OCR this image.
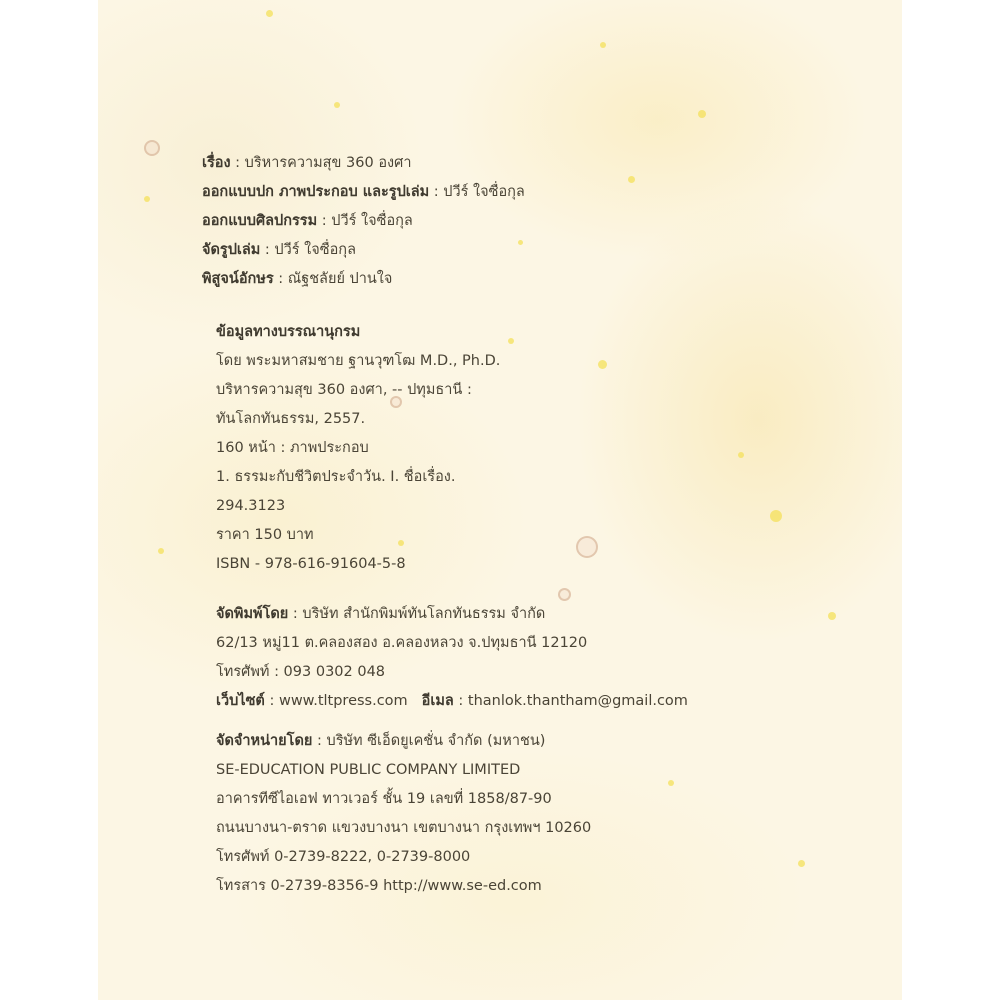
เรื่อง : บริหารความสุข 360 องศา
ออกแบบปก ภาพประกอบ และรูปเล่ม : ปวีร์ ใจซื่อกุล
ออกแบบศิลปกรรม : ปวีร์ ใจซื่อกุล
จัดรูปเล่ม : ปวีร์ ใจซื่อกุล
พิสูจน์อักษร : ณัฐชลัยย์ ปานใจ
ข้อมูลทางบรรณานุกรม
โดย พระมหาสมชาย ฐานวุฑโฒ M.D., Ph.D.
บริหารความสุข 360 องศา, -- ปทุมธานี :
ทันโลกทันธรรม, 2557.
160 หน้า : ภาพประกอบ
1. ธรรมะกับชีวิตประจำวัน. I. ชื่อเรื่อง.
294.3123
ราคา 150 บาท
ISBN - 978-616-91604-5-8
จัดพิมพ์โดย : บริษัท สำนักพิมพ์ทันโลกทันธรรม จำกัด
62/13 หมู่11 ต.คลองสอง อ.คลองหลวง จ.ปทุมธานี 12120
โทรศัพท์ : 093 0302 048
เว็บไซต์ : www.tltpress.com อีเมล : thanlok.thantham@gmail.com
จัดจำหน่ายโดย : บริษัท ซีเอ็ดยูเคชั่น จำกัด (มหาชน)
SE-EDUCATION PUBLIC COMPANY LIMITED
อาคารทีซีไอเอฟ ทาวเวอร์ ชั้น 19 เลขที่ 1858/87-90
ถนนบางนา-ตราด แขวงบางนา เขตบางนา กรุงเทพฯ 10260
โทรศัพท์ 0-2739-8222, 0-2739-8000
โทรสาร 0-2739-8356-9 http://www.se-ed.com
